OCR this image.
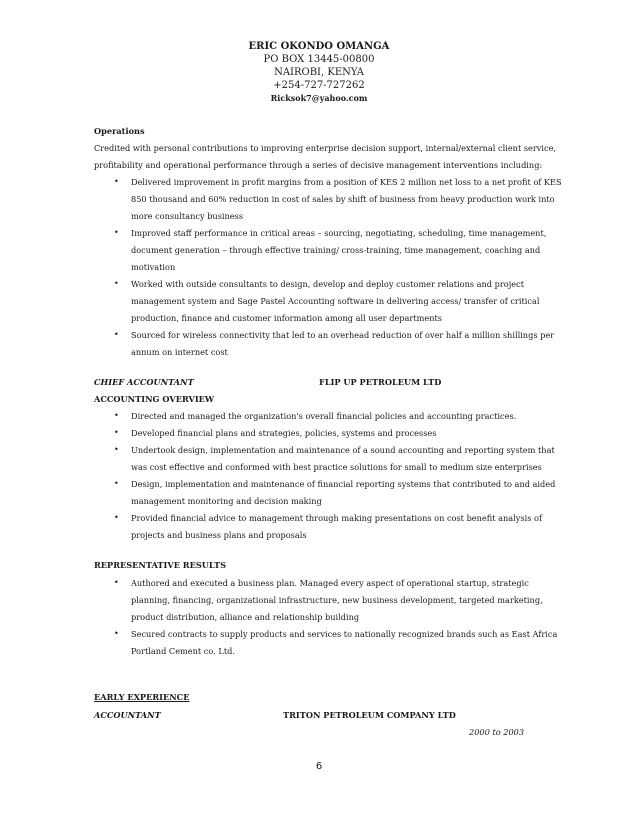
ERIC OKONDO OMANGA
PO BOX 13445-00800
NAIROBI, KENYA
+254-727-727262
Ricksok7@yahoo.com
Operations
Credited with personal contributions to improving enterprise decision support, internal/external client service,
profitability and operational performance through a series of decisive management interventions including:
• Delivered improvement in profit margins from a position of KES 2 million net loss to a net profit of KES
850 thousand and 60% reduction in cost of sales by shift of business from heavy production work into
more consultancy business
• Improved staff performance in critical areas – sourcing, negotiating, scheduling, time management,
document generation – through effective training/ cross-training, time management, coaching and
motivation
• Worked with outside consultants to design, develop and deploy customer relations and project
management system and Sage Pastel Accounting software in delivering access/ transfer of critical
production, finance and customer information among all user departments
• Sourced for wireless connectivity that led to an overhead reduction of over half a million shillings per
annum on internet cost
CHIEF ACCOUNTANT	FLIP UP PETROLEUM LTD
ACCOUNTING OVERVIEW
• Directed and managed the organization's overall financial policies and accounting practices.
• Developed financial plans and strategies, policies, systems and processes
• Undertook design, implementation and maintenance of a sound accounting and reporting system that
was cost effective and conformed with best practice solutions for small to medium size enterprises
• Design, implementation and maintenance of financial reporting systems that contributed to and aided
management monitoring and decision making
• Provided financial advice to management through making presentations on cost benefit analysis of
projects and business plans and proposals
REPRESENTATIVE RESULTS
• Authored and executed a business plan. Managed every aspect of operational startup, strategic
planning, financing, organizational infrastructure, new business development, targeted marketing,
product distribution, alliance and relationship building
• Secured contracts to supply products and services to nationally recognized brands such as East Africa
Portland Cement co. Ltd.
EARLY EXPERIENCE
ACCOUNTANT	TRITON PETROLEUM COMPANY LTD
2000 to 2003
6
